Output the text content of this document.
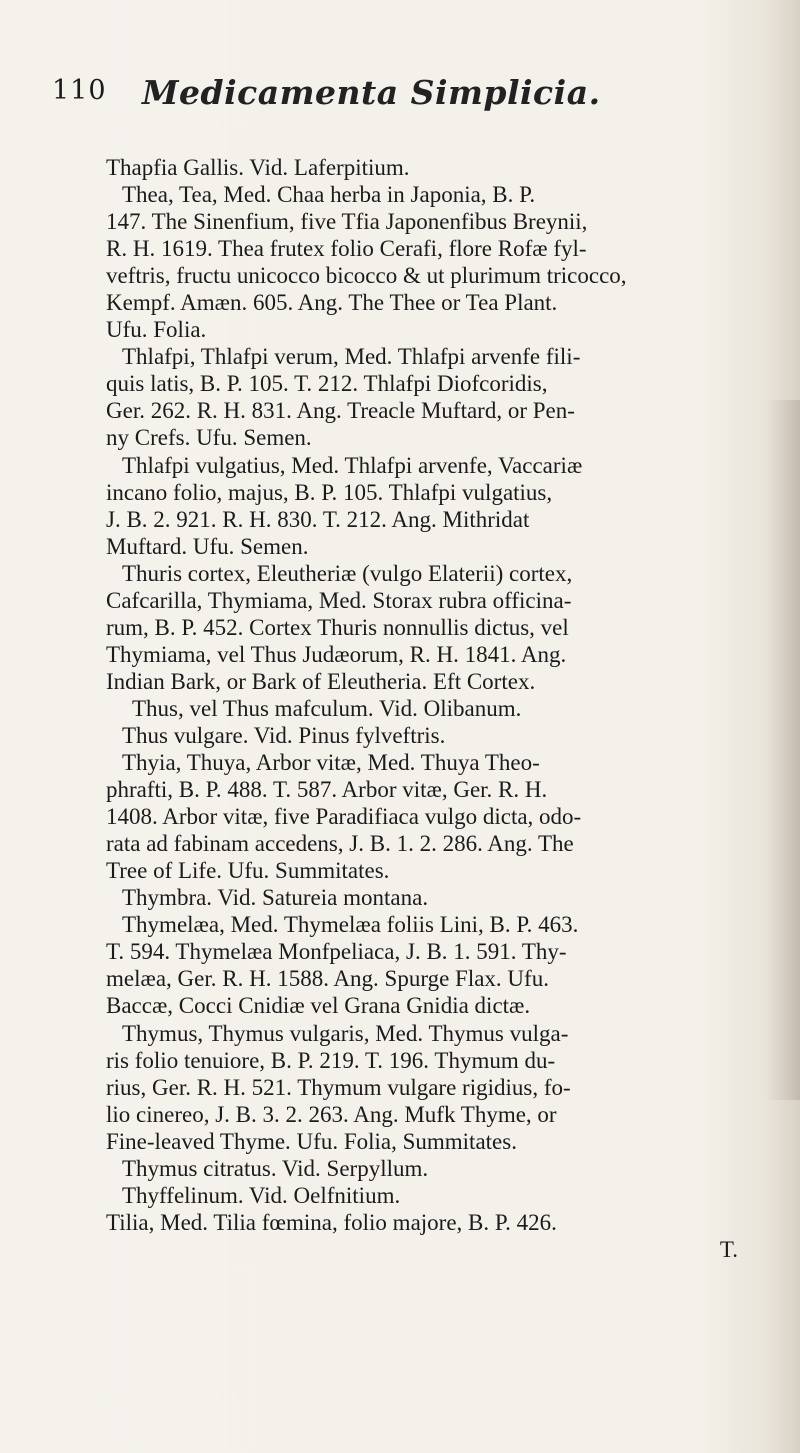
110 Medicamenta Simplicia.
Thapfia Gallis. Vid. Laferpitium.
Thea, Tea, Med. Chaa herba in Japonia, B. P.
147. The Sinenfium, five Tfia Japonenfibus Breynii,
R. H. 1619. Thea frutex folio Cerafi, flore Rofæ fyl-
veftris, fructu unicocco bicocco & ut plurimum tricocco,
Kempf. Amæn. 605. Ang. The Thee or Tea Plant.
Ufu. Folia.
Thlafpi, Thlafpi verum, Med. Thlafpi arvenfe fili-
quis latis, B. P. 105. T. 212. Thlafpi Diofcoridis,
Ger. 262. R. H. 831. Ang. Treacle Muftard, or Pen-
ny Crefs. Ufu. Semen.
Thlafpi vulgatius, Med. Thlafpi arvenfe, Vaccariæ
incano folio, majus, B. P. 105. Thlafpi vulgatius,
J. B. 2. 921. R. H. 830. T. 212. Ang. Mithridat
Muftard. Ufu. Semen.
Thuris cortex, Eleutheriæ (vulgo Elaterii) cortex,
Cafcarilla, Thymiama, Med. Storax rubra officina-
rum, B. P. 452. Cortex Thuris nonnullis dictus, vel
Thymiama, vel Thus Judæorum, R. H. 1841. Ang.
Indian Bark, or Bark of Eleutheria. Eft Cortex.
Thus, vel Thus mafculum. Vid. Olibanum.
Thus vulgare. Vid. Pinus fylveftris.
Thyia, Thuya, Arbor vitæ, Med. Thuya Theo-
phrafti, B. P. 488. T. 587. Arbor vitæ, Ger. R. H.
1408. Arbor vitæ, five Paradifiaca vulgo dicta, odo-
rata ad fabinam accedens, J. B. 1. 2. 286. Ang. The
Tree of Life. Ufu. Summitates.
Thymbra. Vid. Satureia montana.
Thymelæa, Med. Thymelæa foliis Lini, B. P. 463.
T. 594. Thymelæa Monfpeliaca, J. B. 1. 591. Thy-
melæa, Ger. R. H. 1588. Ang. Spurge Flax. Ufu.
Baccæ, Cocci Cnidiæ vel Grana Gnidia dictæ.
Thymus, Thymus vulgaris, Med. Thymus vulga-
ris folio tenuiore, B. P. 219. T. 196. Thymum du-
rius, Ger. R. H. 521. Thymum vulgare rigidius, fo-
lio cinereo, J. B. 3. 2. 263. Ang. Mufk Thyme, or
Fine-leaved Thyme. Ufu. Folia, Summitates.
Thymus citratus. Vid. Serpyllum.
Thyffelinum. Vid. Oelfnitium.
Tilia, Med. Tilia fœmina, folio majore, B. P. 426.
T.
